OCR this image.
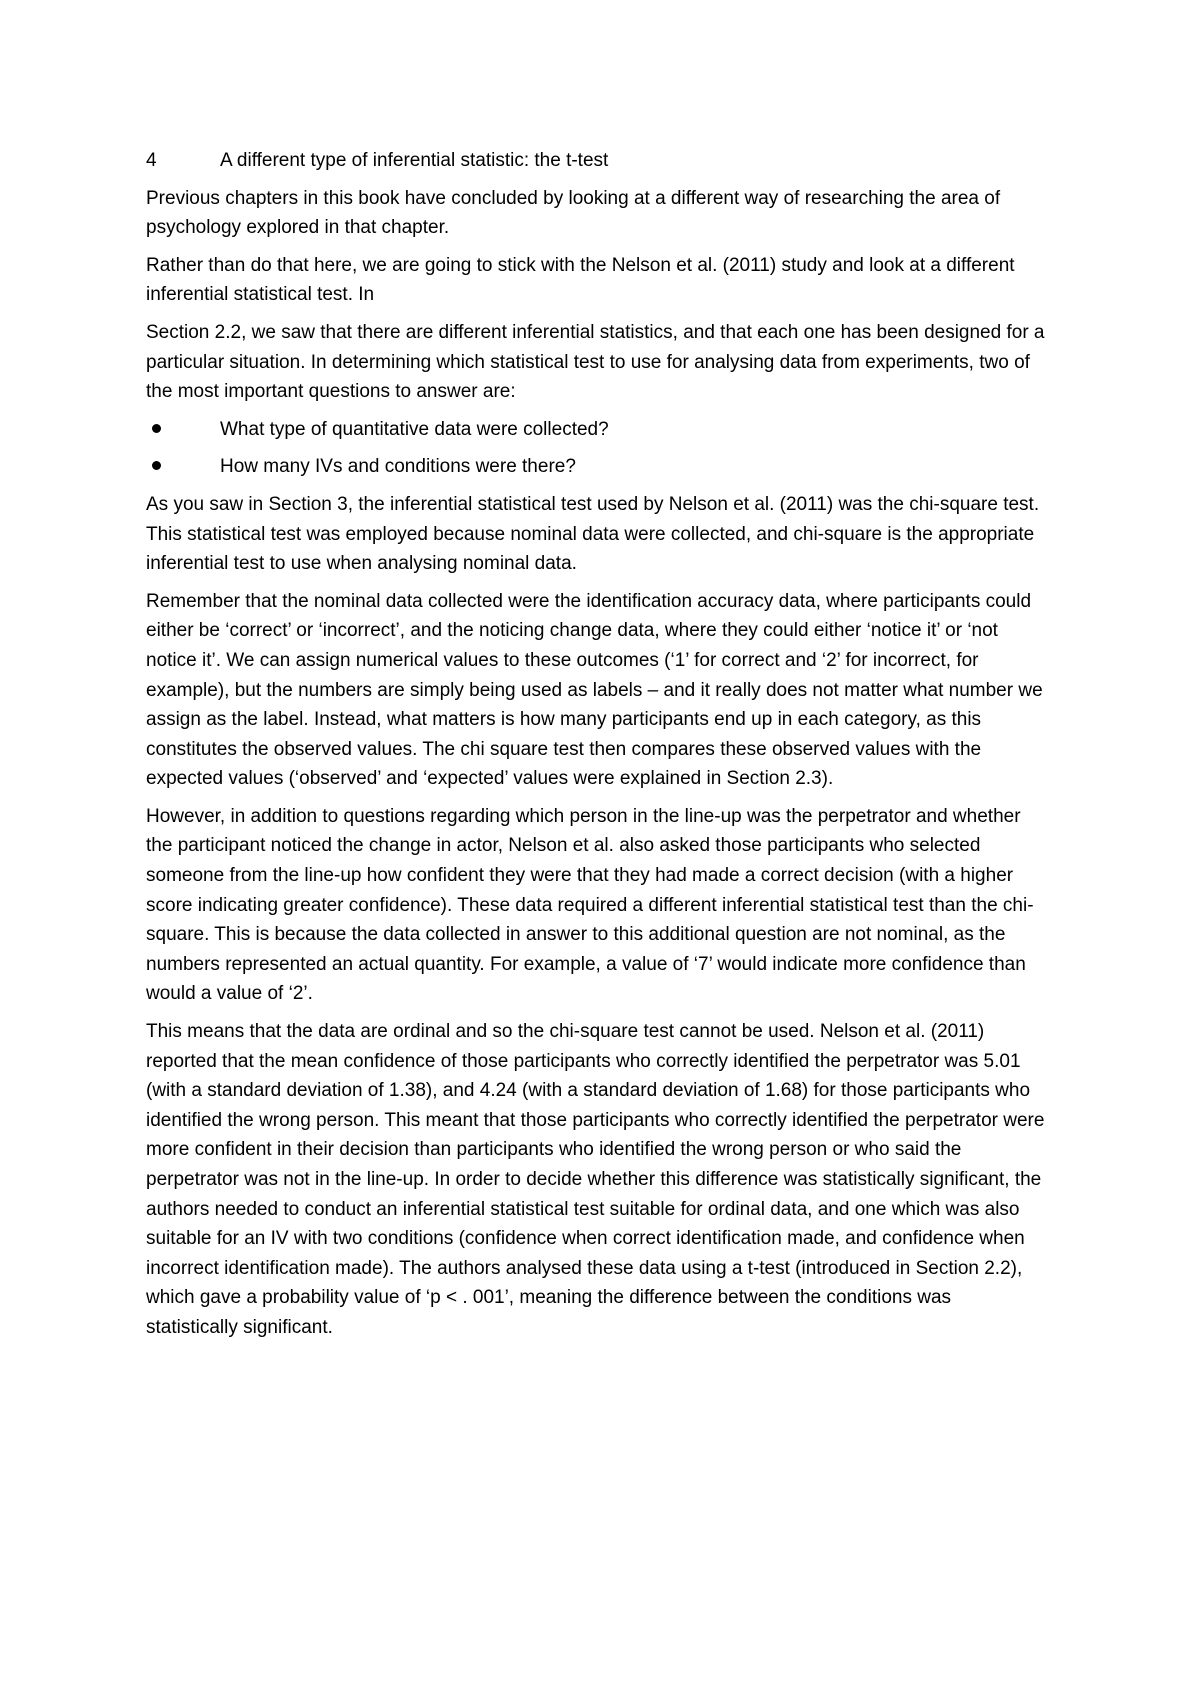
4	A different type of inferential statistic: the t-test

Previous chapters in this book have concluded by looking at a different way of researching the area of psychology explored in that chapter.

Rather than do that here, we are going to stick with the Nelson et al. (2011) study and look at a different inferential statistical test. In

Section 2.2, we saw that there are different inferential statistics, and that each one has been designed for a particular situation. In determining which statistical test to use for analysing data from experiments, two of the most important questions to answer are:

What type of quantitative data were collected?
How many IVs and conditions were there?

As you saw in Section 3, the inferential statistical test used by Nelson et al. (2011) was the chi-square test. This statistical test was employed because nominal data were collected, and chi-square is the appropriate inferential test to use when analysing nominal data.

Remember that the nominal data collected were the identification accuracy data, where participants could either be ‘correct’ or ‘incorrect’, and the noticing change data, where they could either ‘notice it’ or ‘not notice it’. We can assign numerical values to these outcomes (‘1’ for correct and ‘2’ for incorrect, for example), but the numbers are simply being used as labels – and it really does not matter what number we assign as the label. Instead, what matters is how many participants end up in each category, as this constitutes the observed values. The chi square test then compares these observed values with the expected values (‘observed’ and ‘expected’ values were explained in Section 2.3).

However, in addition to questions regarding which person in the line-up was the perpetrator and whether the participant noticed the change in actor, Nelson et al. also asked those participants who selected someone from the line-up how confident they were that they had made a correct decision (with a higher score indicating greater confidence). These data required a different inferential statistical test than the chi-square. This is because the data collected in answer to this additional question are not nominal, as the numbers represented an actual quantity. For example, a value of ‘7’ would indicate more confidence than would a value of ‘2’.

This means that the data are ordinal and so the chi-square test cannot be used. Nelson et al. (2011) reported that the mean confidence of those participants who correctly identified the perpetrator was 5.01 (with a standard deviation of 1.38), and 4.24 (with a standard deviation of 1.68) for those participants who identified the wrong person. This meant that those participants who correctly identified the perpetrator were more confident in their decision than participants who identified the wrong person or who said the perpetrator was not in the line-up. In order to decide whether this difference was statistically significant, the authors needed to conduct an inferential statistical test suitable for ordinal data, and one which was also suitable for an IV with two conditions (confidence when correct identification made, and confidence when incorrect identification made). The authors analysed these data using a t-test (introduced in Section 2.2), which gave a probability value of ‘p < . 001’, meaning the difference between the conditions was statistically significant.
